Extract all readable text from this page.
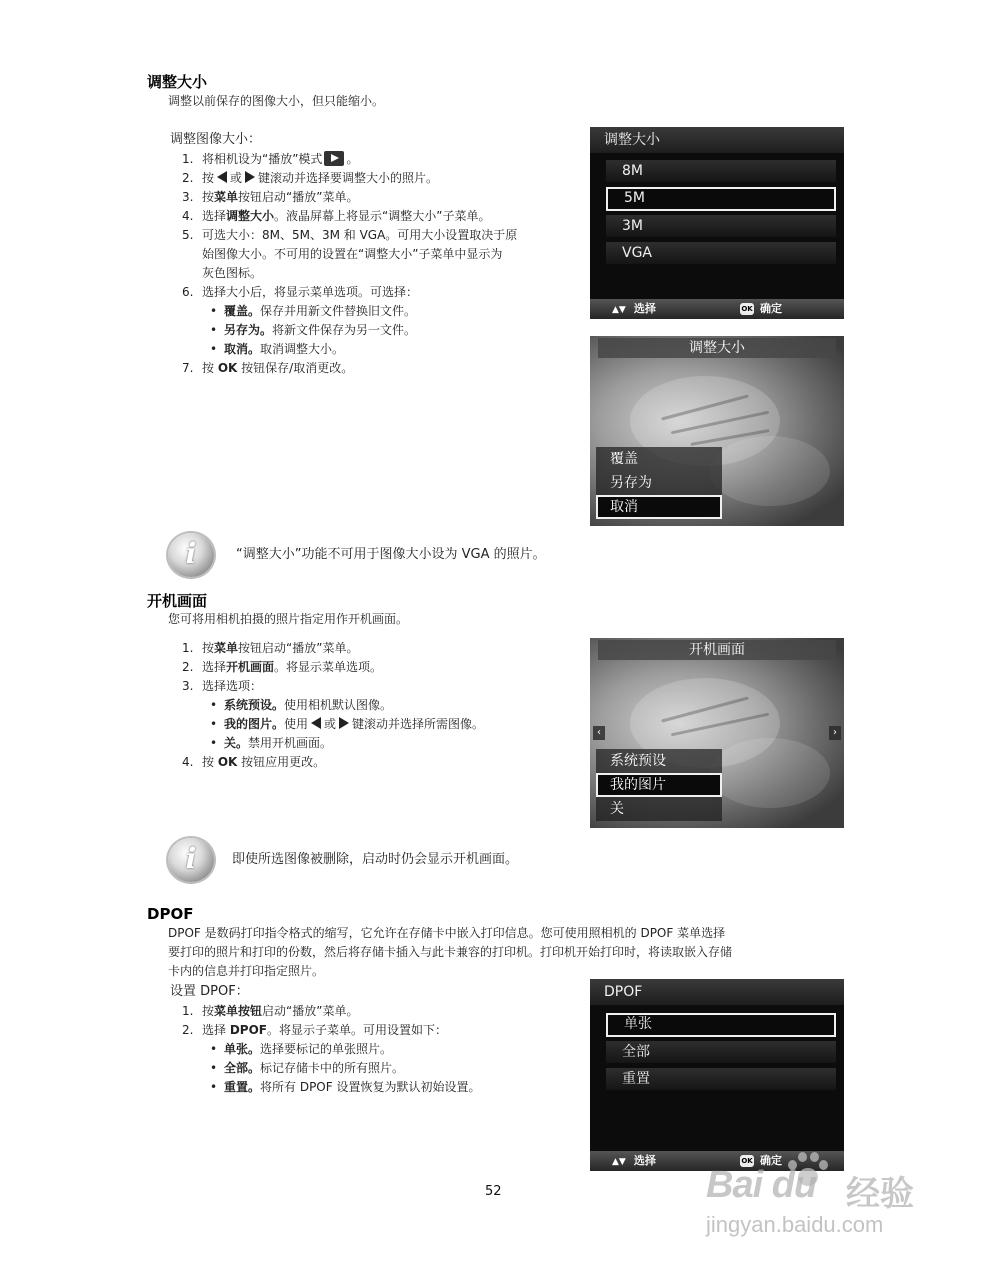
调整大小
调整以前保存的图像大小，但只能缩小。
调整图像大小：
1. 将相机设为“播放”模式 。
2. 按 或 键滚动并选择要调整大小的照片。
3. 按菜单按钮启动“播放”菜单。
4. 选择调整大小。液晶屏幕上将显示“调整大小”子菜单。
5. 可选大小：8M、5M、3M 和 VGA。可用大小设置取决于原
始图像大小。不可用的设置在“调整大小”子菜单中显示为
灰色图标。
6. 选择大小后，将显示菜单选项。可选择：
• 覆盖。保存并用新文件替换旧文件。
• 另存为。将新文件保存为另一文件。
• 取消。取消调整大小。
7. 按 OK 按钮保存/取消更改。
调整大小
8M
5M
3M
VGA
▲▼ 选择	OK 确定
调整大小
覆盖
另存为
取消
i	“调整大小”功能不可用于图像大小设为 VGA 的照片。
开机画面
您可将用相机拍摄的照片指定用作开机画面。
1. 按菜单按钮启动“播放”菜单。
2. 选择开机画面。将显示菜单选项。
3. 选择选项：
• 系统预设。使用相机默认图像。
• 我的图片。使用 或 键滚动并选择所需图像。
• 关。禁用开机画面。
4. 按 OK 按钮应用更改。
开机画面
‹	›
系统预设
我的图片
关
i	即使所选图像被删除，启动时仍会显示开机画面。
DPOF
DPOF 是数码打印指令格式的缩写，它允许在存储卡中嵌入打印信息。您可使用照相机的 DPOF 菜单选择
要打印的照片和打印的份数，然后将存储卡插入与此卡兼容的打印机。打印机开始打印时，将读取嵌入存储
卡内的信息并打印指定照片。
设置 DPOF：
1. 按菜单按钮启动“播放”菜单。
2. 选择 DPOF。将显示子菜单。可用设置如下：
• 单张。选择要标记的单张照片。
• 全部。标记存储卡中的所有照片。
• 重置。将所有 DPOF 设置恢复为默认初始设置。
DPOF
单张
全部
重置
▲▼ 选择	OK 确定
52	Bai du 经验
jingyan.baidu.com
